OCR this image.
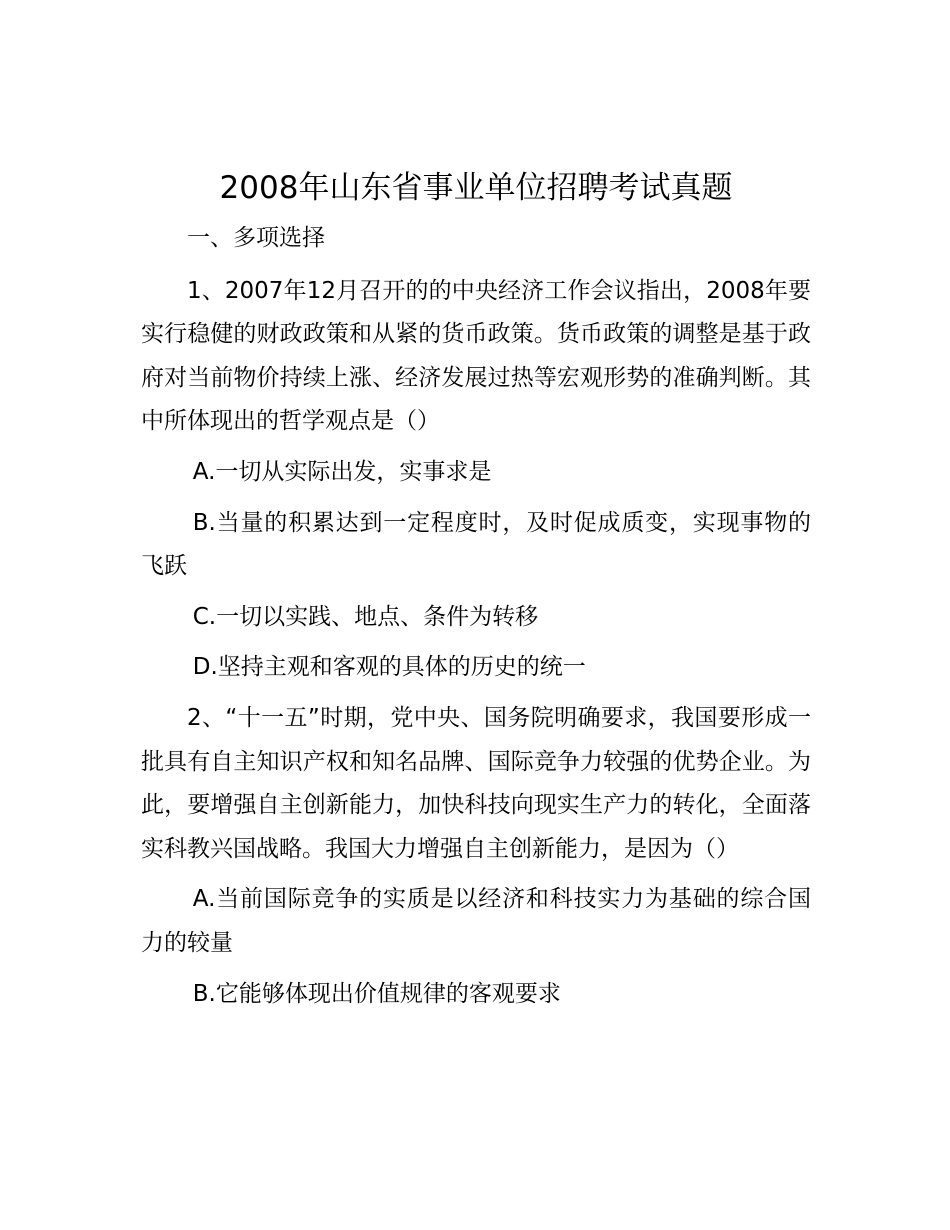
2008年山东省事业单位招聘考试真题

一、多项选择

1、2007年12月召开的的中央经济工作会议指出，2008年要实行稳健的财政政策和从紧的货币政策。货币政策的调整是基于政府对当前物价持续上涨、经济发展过热等宏观形势的准确判断。其中所体现出的哲学观点是（）

A.一切从实际出发，实事求是

B.当量的积累达到一定程度时，及时促成质变，实现事物的飞跃

C.一切以实践、地点、条件为转移

D.坚持主观和客观的具体的历史的统一

2、“十一五”时期，党中央、国务院明确要求，我国要形成一批具有自主知识产权和知名品牌、国际竞争力较强的优势企业。为此，要增强自主创新能力，加快科技向现实生产力的转化，全面落实科教兴国战略。我国大力增强自主创新能力，是因为（）

A.当前国际竞争的实质是以经济和科技实力为基础的综合国力的较量

B.它能够体现出价值规律的客观要求
